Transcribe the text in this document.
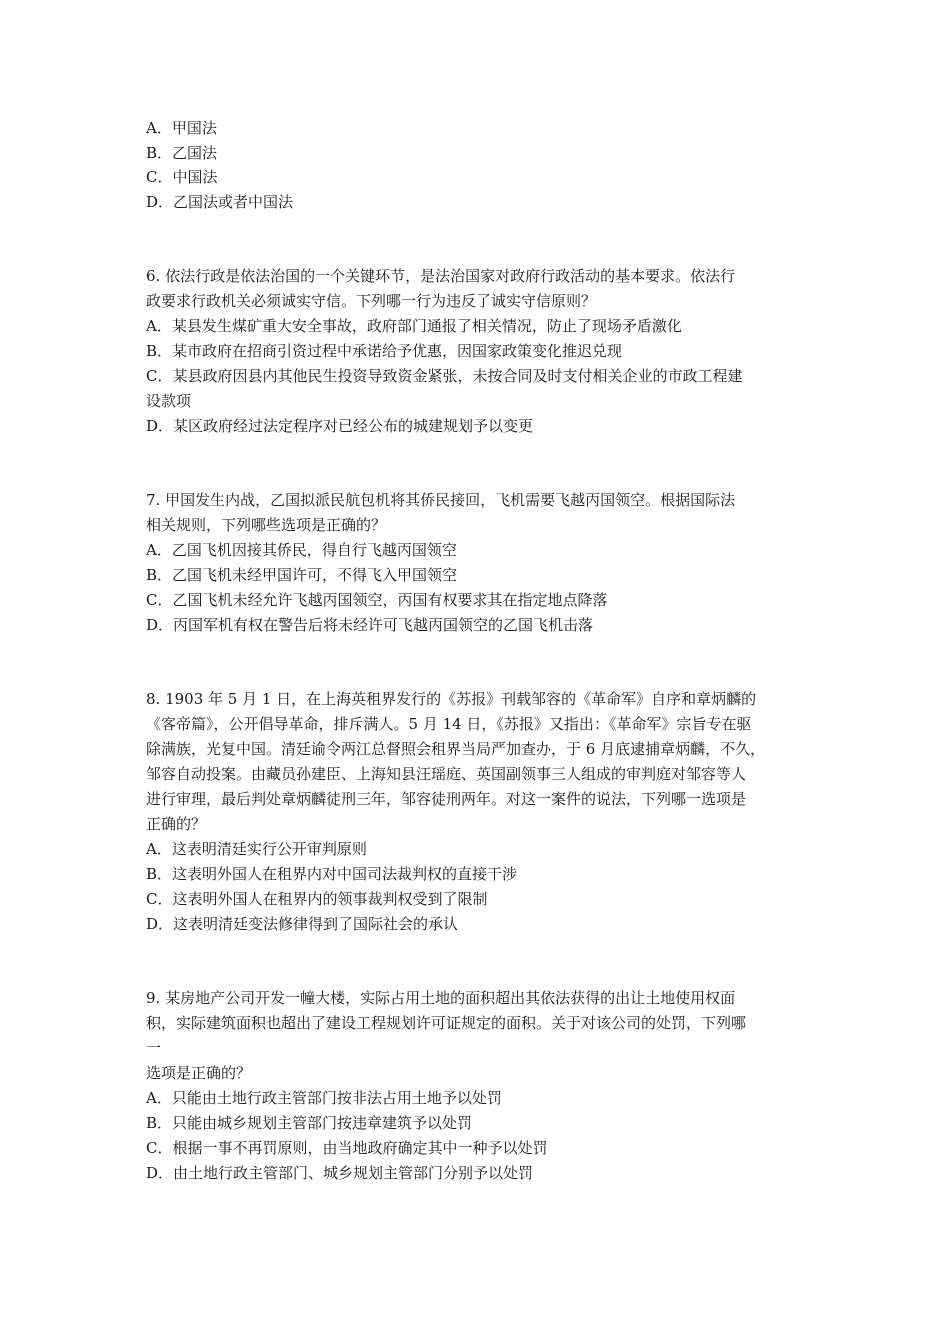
A．甲国法
B．乙国法
C．中国法
D．乙国法或者中国法
6. 依法行政是依法治国的一个关键环节，是法治国家对政府行政活动的基本要求。依法行
政要求行政机关必须诚实守信。下列哪一行为违反了诚实守信原则？
A．某县发生煤矿重大安全事故，政府部门通报了相关情况，防止了现场矛盾激化
B．某市政府在招商引资过程中承诺给予优惠，因国家政策变化推迟兑现
C．某县政府因县内其他民生投资导致资金紧张，未按合同及时支付相关企业的市政工程建
设款项
D．某区政府经过法定程序对已经公布的城建规划予以变更
7. 甲国发生内战，乙国拟派民航包机将其侨民接回，飞机需要飞越丙国领空。根据国际法
相关规则，下列哪些选项是正确的？
A．乙国飞机因接其侨民，得自行飞越丙国领空
B．乙国飞机未经甲国许可，不得飞入甲国领空
C．乙国飞机未经允许飞越丙国领空，丙国有权要求其在指定地点降落
D．丙国军机有权在警告后将未经许可飞越丙国领空的乙国飞机击落
8. 1903 年 5 月 1 日，在上海英租界发行的《苏报》刊载邹容的《革命军》自序和章炳麟的
《客帝篇》，公开倡导革命，排斥满人。5 月 14 日，《苏报》又指出：《革命军》宗旨专在驱
除满族，光复中国。清廷谕令两江总督照会租界当局严加查办，于 6 月底逮捕章炳麟，不久，
邹容自动投案。由藏员孙建臣、上海知县汪瑶庭、英国副领事三人组成的审判庭对邹容等人
进行审理，最后判处章炳麟徒刑三年，邹容徒刑两年。对这一案件的说法，下列哪一选项是
正确的？
A．这表明清廷实行公开审判原则
B．这表明外国人在租界内对中国司法裁判权的直接干涉
C．这表明外国人在租界内的领事裁判权受到了限制
D．这表明清廷变法修律得到了国际社会的承认
9. 某房地产公司开发一幢大楼，实际占用土地的面积超出其依法获得的出让土地使用权面
积，实际建筑面积也超出了建设工程规划许可证规定的面积。关于对该公司的处罚，下列哪
一
选项是正确的？
A．只能由土地行政主管部门按非法占用土地予以处罚
B．只能由城乡规划主管部门按违章建筑予以处罚
C．根据一事不再罚原则，由当地政府确定其中一种予以处罚
D．由土地行政主管部门、城乡规划主管部门分别予以处罚
